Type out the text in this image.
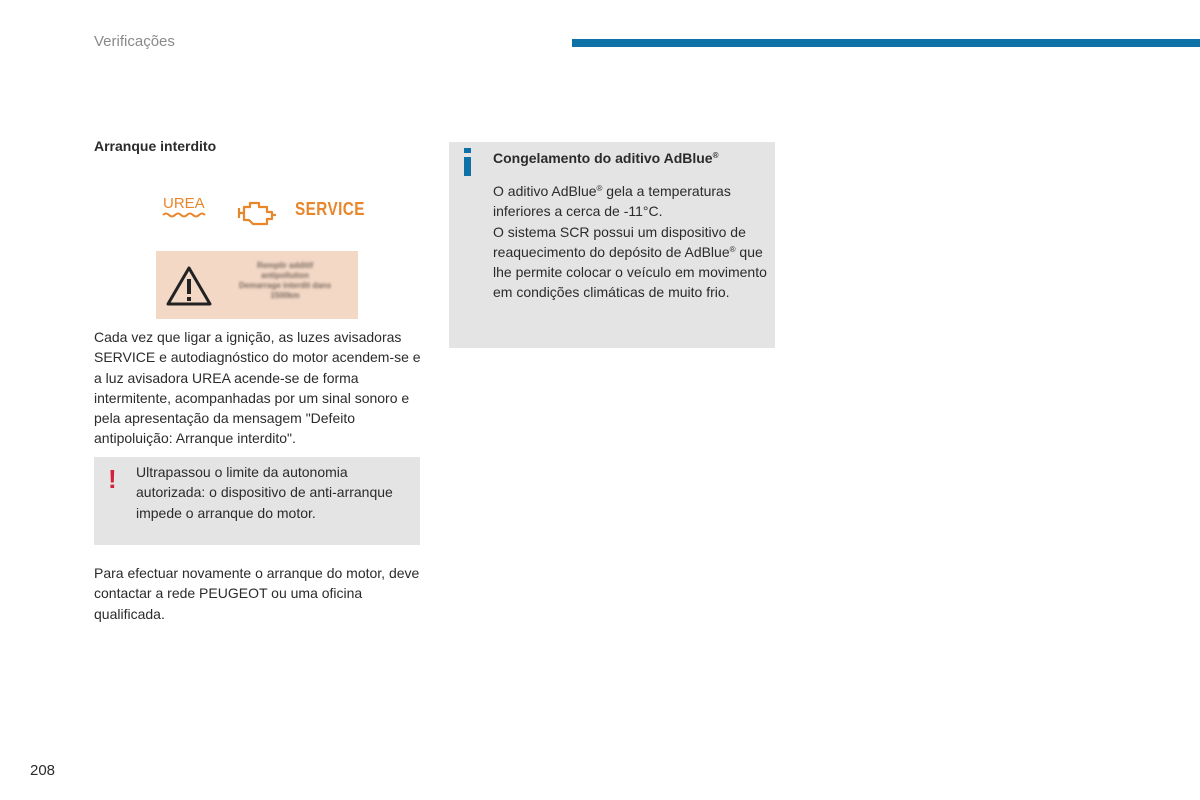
Verificações

Arranque interdito

UREA	SERVICE
Remplir additif
antipollution
Demarrage interdit dans
1500km

Cada vez que ligar a ignição, as luzes avisadoras SERVICE e autodiagnóstico do motor acendem-se e a luz avisadora UREA acende-se de forma intermitente, acompanhadas por um sinal sonoro e pela apresentação da mensagem "Defeito antipoluição: Arranque interdito".

! Ultrapassou o limite da autonomia autorizada: o dispositivo de anti-arranque impede o arranque do motor.

Para efectuar novamente o arranque do motor, deve contactar a rede PEUGEOT ou uma oficina qualificada.

Congelamento do aditivo AdBlue®
O aditivo AdBlue® gela a temperaturas inferiores a cerca de -11°C.
O sistema SCR possui um dispositivo de reaquecimento do depósito de AdBlue® que lhe permite colocar o veículo em movimento em condições climáticas de muito frio.
208
